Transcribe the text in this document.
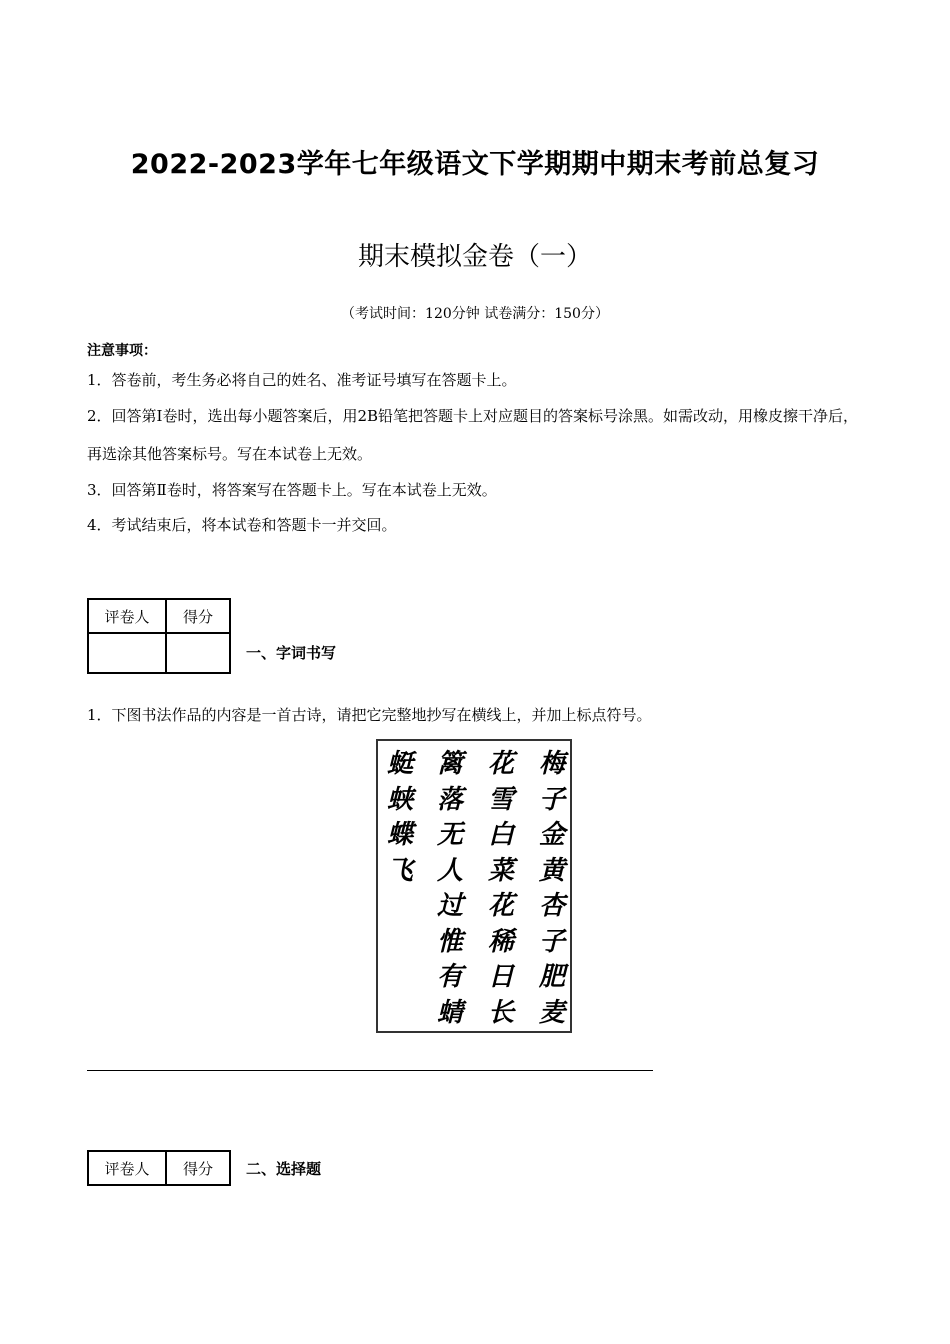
2022-2023学年七年级语文下学期期中期末考前总复习
期末模拟金卷（一）
（考试时间：120分钟 试卷满分：150分）
注意事项：
1．答卷前，考生务必将自己的姓名、准考证号填写在答题卡上。
2．回答第Ⅰ卷时，选出每小题答案后，用2B铅笔把答题卡上对应题目的答案标号涂黑。如需改动，用橡皮擦干净后，再选涂其他答案标号。写在本试卷上无效。
3．回答第Ⅱ卷时，将答案写在答题卡上。写在本试卷上无效。
4．考试结束后，将本试卷和答题卡一并交回。
评卷人	得分

一、字词书写
1．下图书法作品的内容是一首古诗，请把它完整地抄写在横线上，并加上标点符号。
梅
子
金
黄
杏
子
肥
麦
花
雪
白
菜
花
稀
日
长
篱
落
无
人
过
惟
有
蜻
蜓
蛱
蝶
飞
评卷人	得分 二、选择题
